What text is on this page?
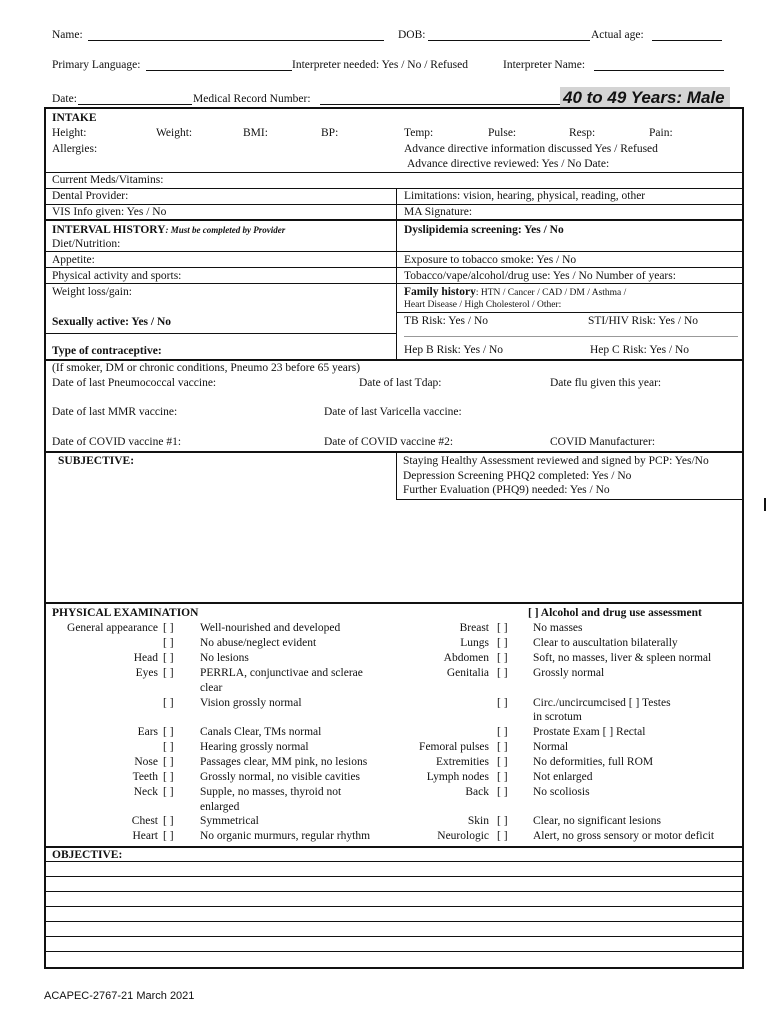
Name:	DOB:	Actual age:
Primary Language:	Interpreter needed: Yes / No / Refused	Interpreter Name:
Date:	Medical Record Number:	40 to 49 Years: Male
INTAKE
Height:	Weight:	BMI:	BP:	Temp:	Pulse:	Resp:	Pain:
Allergies:	Advance directive information discussed Yes / Refused
Advance directive reviewed: Yes / No Date:
Current Meds/Vitamins:
Dental Provider:	Limitations: vision, hearing, physical, reading, other
VIS Info given: Yes / No	MA Signature:
INTERVAL HISTORY: Must be completed by Provider
Diet/Nutrition:
Dyslipidemia screening: Yes / No
Appetite:	Exposure to tobacco smoke: Yes / No
Physical activity and sports:	Tobacco/vape/alcohol/drug use: Yes / No Number of years:
Weight loss/gain:	Family history: HTN / Cancer / CAD / DM / Asthma /
Heart Disease / High Cholesterol / Other:
Sexually active: Yes / No	TB Risk: Yes / No	STI/HIV Risk: Yes / No
Type of contraceptive:	Hep B Risk: Yes / No	Hep C Risk: Yes / No
(If smoker, DM or chronic conditions, Pneumo 23 before 65 years)
Date of last Pneumococcal vaccine:	Date of last Tdap:	Date flu given this year:
Date of last MMR vaccine:	Date of last Varicella vaccine:
Date of COVID vaccine #1:	Date of COVID vaccine #2:	COVID Manufacturer:
SUBJECTIVE:	Staying Healthy Assessment reviewed and signed by PCP: Yes/No
Depression Screening PHQ2 completed: Yes / No
Further Evaluation (PHQ9) needed: Yes / No
PHYSICAL EXAMINATION	[ ] Alcohol and drug use assessment
OBJECTIVE:
ACAPEC-2767-21 March 2021
General appearance [ ] Well-nourished and developed
[ ] No abuse/neglect evident
Head [ ] No lesions
Eyes [ ] PERRLA, conjunctivae and sclerae
clear
[ ] Vision grossly normal
Ears [ ] Canals Clear, TMs normal
[ ] Hearing grossly normal
Nose [ ] Passages clear, MM pink, no lesions
Teeth [ ] Grossly normal, no visible cavities
Neck [ ] Supple, no masses, thyroid not
enlarged
Chest [ ] Symmetrical
Heart [ ] No organic murmurs, regular rhythm
Breast [ ] No masses
Lungs [ ] Clear to auscultation bilaterally
Abdomen [ ] Soft, no masses, liver & spleen normal
Genitalia [ ] Grossly normal
[ ] Circ./uncircumcised [ ] Testes
in scrotum
[ ] Prostate Exam [ ] Rectal
Femoral pulses [ ] Normal
Extremities [ ] No deformities, full ROM
Lymph nodes [ ] Not enlarged
Back [ ] No scoliosis
Skin [ ] Clear, no significant lesions
Neurologic [ ] Alert, no gross sensory or motor deficit
